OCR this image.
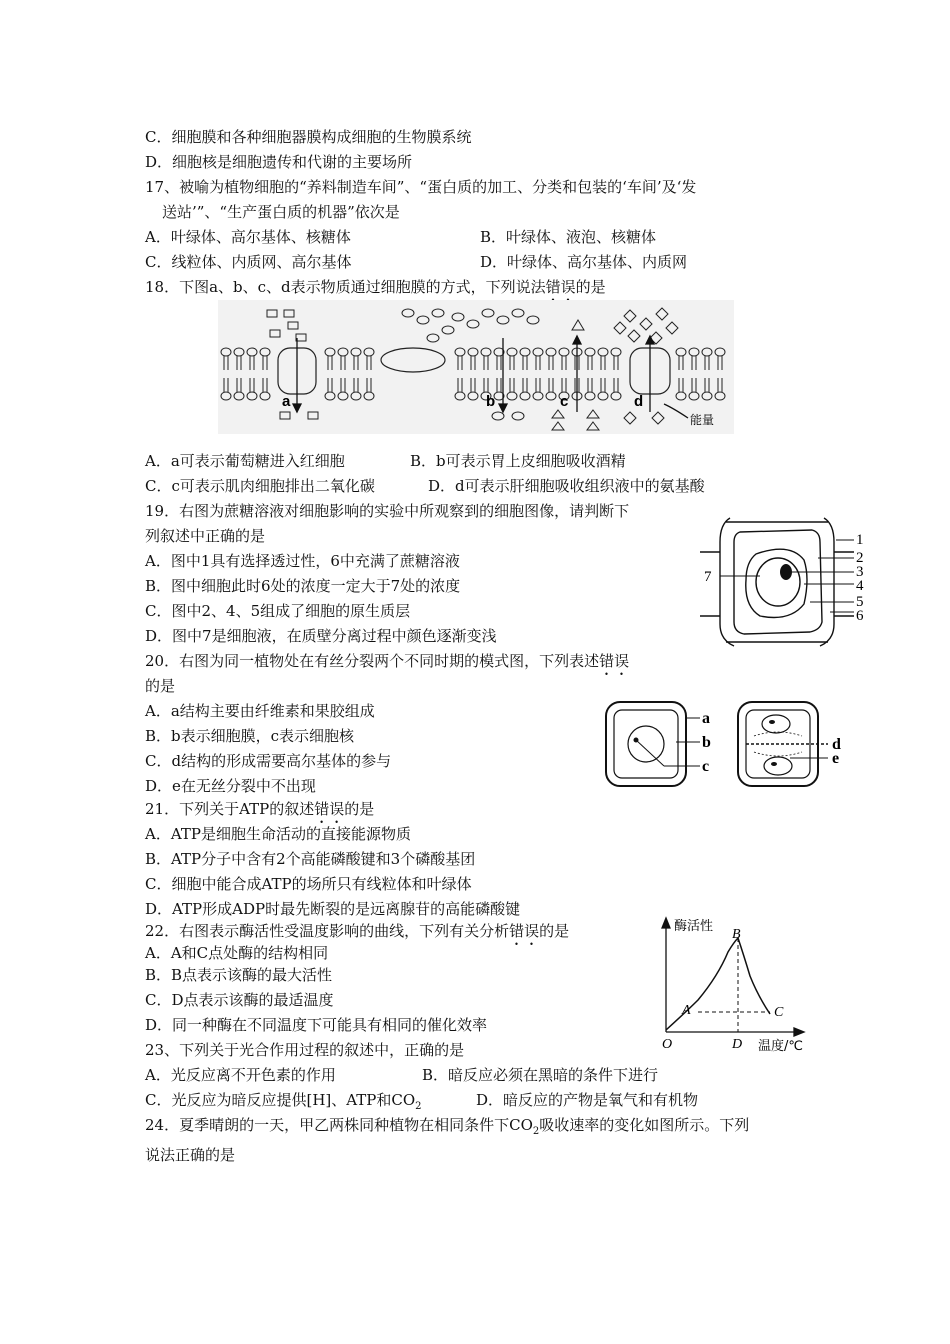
C．细胞膜和各种细胞器膜构成细胞的生物膜系统
D．细胞核是细胞遗传和代谢的主要场所
17、被喻为植物细胞的“养料制造车间”、“蛋白质的加工、分类和包装的‘车间’及‘发
送站’”、“生产蛋白质的机器”依次是
A．叶绿体、高尔基体、核糖体	B．叶绿体、液泡、核糖体
C．线粒体、内质网、高尔基体	D．叶绿体、高尔基体、内质网
18．下图a、b、c、d表示物质通过细胞膜的方式，下列说法错误的是
a	b	c	d
能量
A．a可表示葡萄糖进入红细胞	B．b可表示胃上皮细胞吸收酒精
C．c可表示肌肉细胞排出二氧化碳	D．d可表示肝细胞吸收组织液中的氨基酸
19．右图为蔗糖溶液对细胞影响的实验中所观察到的细胞图像，请判断下
列叙述中正确的是
A．图中1具有选择透过性，6中充满了蔗糖溶液
B．图中细胞此时6处的浓度一定大于7处的浓度
C．图中2、4、5组成了细胞的原生质层
D．图中7是细胞液，在质壁分离过程中颜色逐渐变浅
1
2
3
4
5
6
7
20．右图为同一植物处在有丝分裂两个不同时期的模式图，下列表述错误
的是
A．a结构主要由纤维素和果胶组成
B．b表示细胞膜，c表示细胞核
C．d结构的形成需要高尔基体的参与
D．e在无丝分裂中不出现
a
b
c
d
e
21．下列关于ATP的叙述错误的是
A．ATP是细胞生命活动的直接能源物质
B．ATP分子中含有2个高能磷酸键和3个磷酸基团
C．细胞中能合成ATP的场所只有线粒体和叶绿体
D．ATP形成ADP时最先断裂的是远离腺苷的高能磷酸键
22．右图表示酶活性受温度影响的曲线，下列有关分析错误的是
A．A和C点处酶的结构相同
B．B点表示该酶的最大活性
C．D点表示该酶的最适温度
D．同一种酶在不同温度下可能具有相同的催化效率
酶活性
A
B
C
D
O	温度/℃
23、下列关于光合作用过程的叙述中，正确的是
A．光反应离不开色素的作用	B．暗反应必须在黑暗的条件下进行
C．光反应为暗反应提供[H]、ATP和$CO_2$	D．暗反应的产物是氧气和有机物
24．夏季晴朗的一天，甲乙两株同种植物在相同条件下$CO_2$吸收速率的变化如图所示。下列
说法正确的是
